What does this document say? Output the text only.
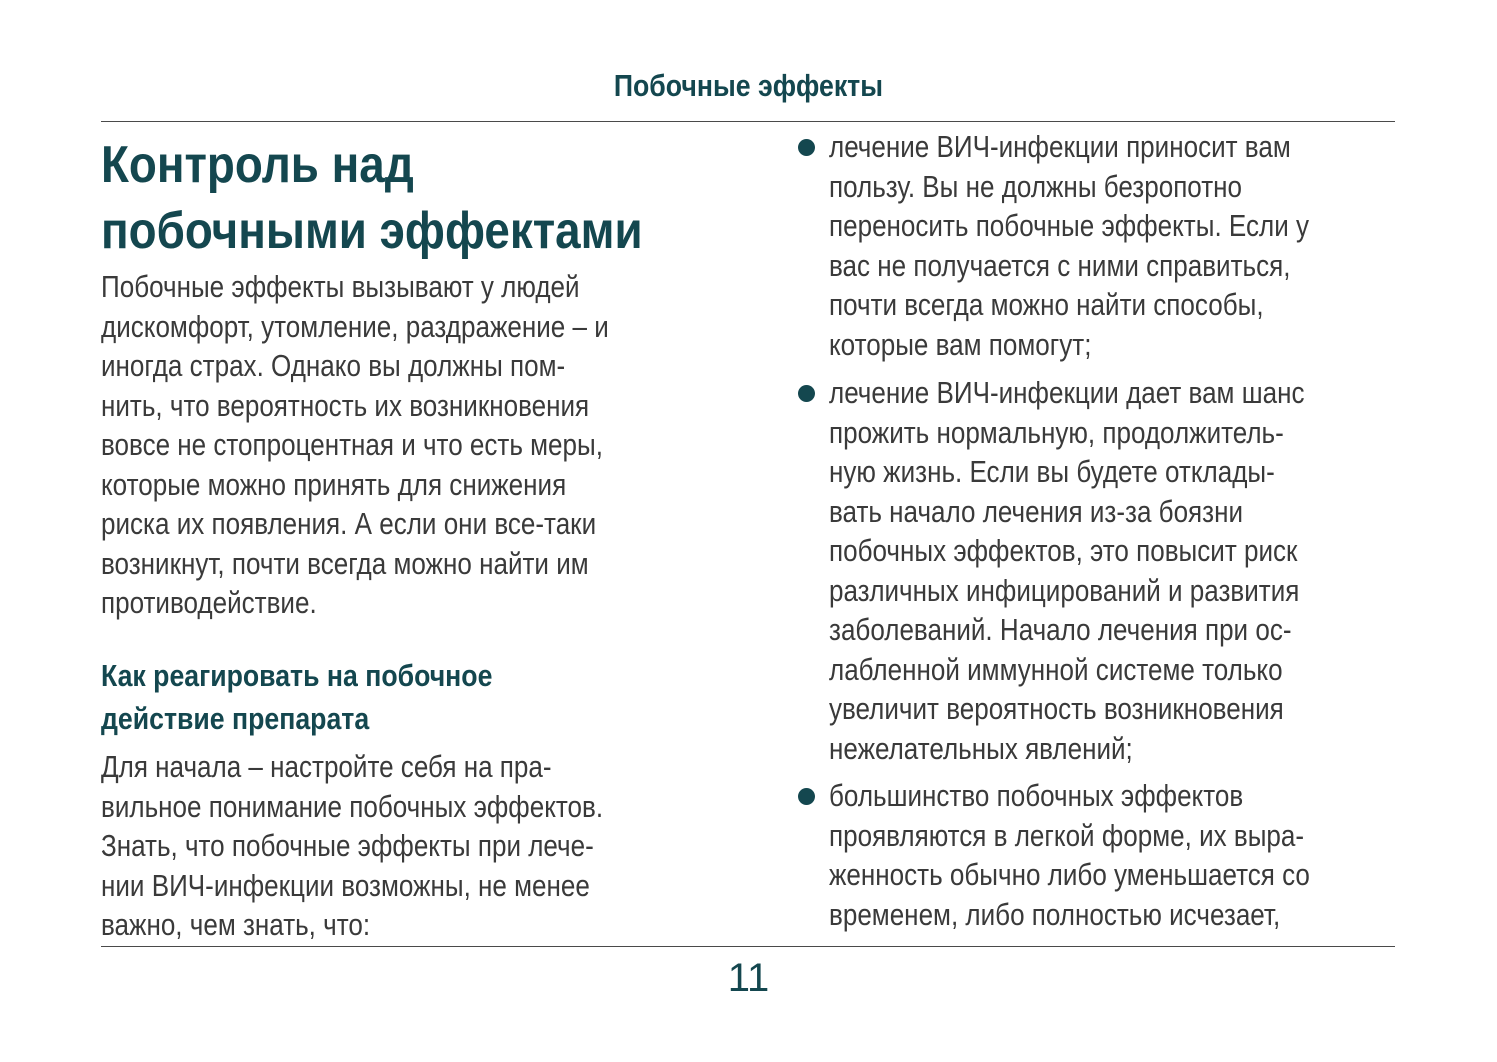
Побочные эффекты
Контроль над
побочными эффектами

Побочные эффекты вызывают у людей
дискомфорт, утомление, раздражение – и
иногда страх. Однако вы должны пом-
нить, что вероятность их возникновения
вовсе не стопроцентная и что есть меры,
которые можно принять для снижения
риска их появления. А если они все-таки
возникнут, почти всегда можно найти им
противодействие.

Как реагировать на побочное
действие препарата

Для начала – настройте себя на пра-
вильное понимание побочных эффектов.
Знать, что побочные эффекты при лече-
нии ВИЧ-инфекции возможны, не менее
важно, чем знать, что:

лечение ВИЧ-инфекции приносит вам
пользу. Вы не должны безропотно
переносить побочные эффекты. Если у
вас не получается с ними справиться,
почти всегда можно найти способы,
которые вам помогут;

лечение ВИЧ-инфекции дает вам шанс
прожить нормальную, продолжитель-
ную жизнь. Если вы будете отклады-
вать начало лечения из-за боязни
побочных эффектов, это повысит риск
различных инфицирований и развития
заболеваний. Начало лечения при ос-
лабленной иммунной системе только
увеличит вероятность возникновения
нежелательных явлений;

большинство побочных эффектов
проявляются в легкой форме, их выра-
женность обычно либо уменьшается со
временем, либо полностью исчезает,

11
